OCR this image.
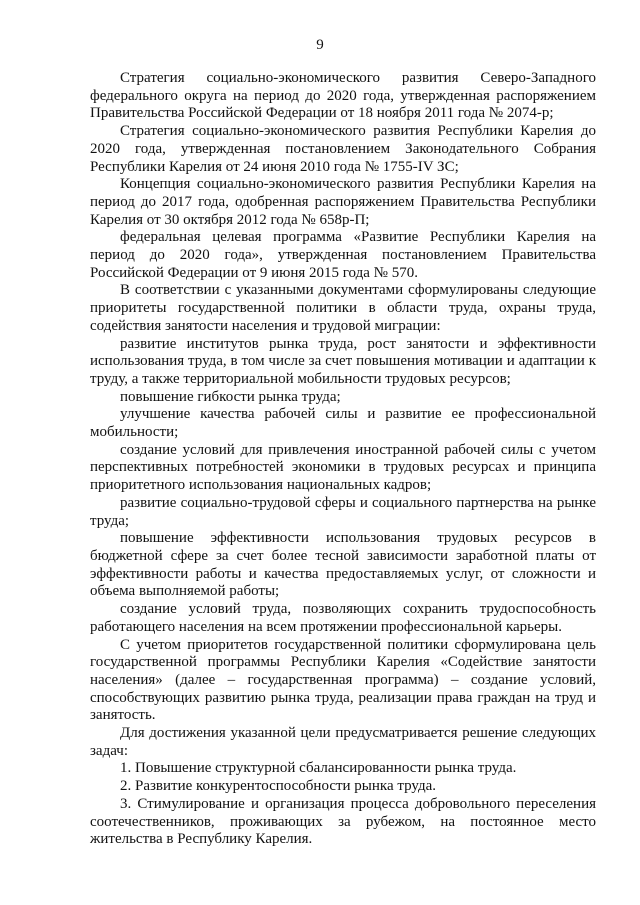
9

Стратегия социально-экономического развития Северо-Западного федерального округа на период до 2020 года, утвержденная распоряжением Правительства Российской Федерации от 18 ноября 2011 года № 2074-р;

Стратегия социально-экономического развития Республики Карелия до 2020 года, утвержденная постановлением Законодательного Собрания Республики Карелия от 24 июня 2010 года № 1755-IV ЗС;

Концепция социально-экономического развития Республики Карелия на период до 2017 года, одобренная распоряжением Правительства Республики Карелия от 30 октября 2012 года № 658р-П;

федеральная целевая программа «Развитие Республики Карелия на период до 2020 года», утвержденная постановлением Правительства Российской Федерации от 9 июня 2015 года № 570.

В соответствии с указанными документами сформулированы следующие приоритеты государственной политики в области труда, охраны труда, содействия занятости населения и трудовой миграции:

развитие институтов рынка труда, рост занятости и эффективности использования труда, в том числе за счет повышения мотивации и адаптации к труду, а также территориальной мобильности трудовых ресурсов;

повышение гибкости рынка труда;

улучшение качества рабочей силы и развитие ее профессиональной мобильности;

создание условий для привлечения иностранной рабочей силы с учетом перспективных потребностей экономики в трудовых ресурсах и принципа приоритетного использования национальных кадров;

развитие социально-трудовой сферы и социального партнерства на рынке труда;

повышение эффективности использования трудовых ресурсов в бюджетной сфере за счет более тесной зависимости заработной платы от эффективности работы и качества предоставляемых услуг, от сложности и объема выполняемой работы;

создание условий труда, позволяющих сохранить трудоспособность работающего населения на всем протяжении профессиональной карьеры.

С учетом приоритетов государственной политики сформулирована цель государственной программы Республики Карелия «Содействие занятости населения» (далее – государственная программа) – создание условий, способствующих развитию рынка труда, реализации права граждан на труд и занятость.

Для достижения указанной цели предусматривается решение следующих задач:

1. Повышение структурной сбалансированности рынка труда.

2. Развитие конкурентоспособности рынка труда.

3. Стимулирование и организация процесса добровольного переселения соотечественников, проживающих за рубежом, на постоянное место жительства в Республику Карелия.
